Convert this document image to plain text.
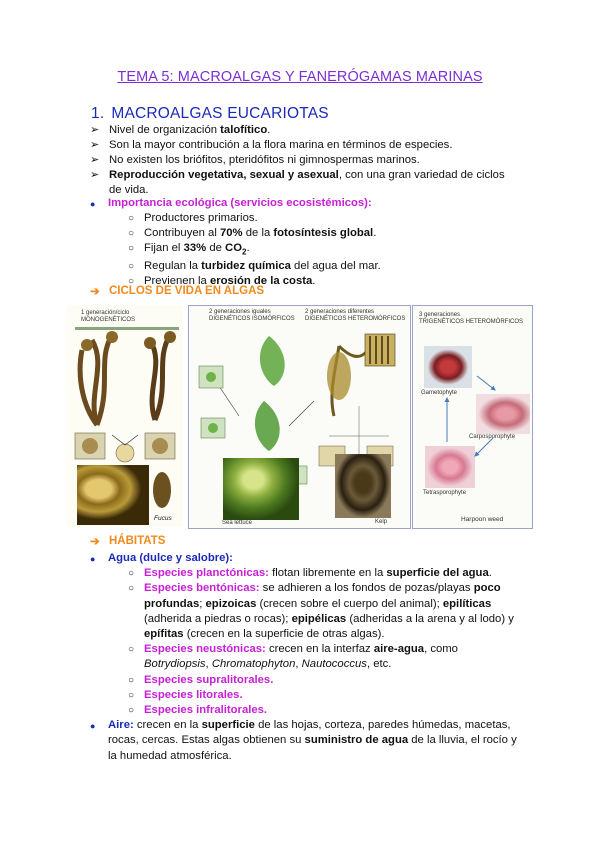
TEMA 5: MACROALGAS Y FANERÓGAMAS MARINAS
1. MACROALGAS EUCARIOTAS
➢ Nivel de organización talofítico.
➢ Son la mayor contribución a la flora marina en términos de especies.
➢ No existen los briófitos, pteridófitos ni gimnospermas marinos.
➢ Reproducción vegetativa, sexual y asexual, con una gran variedad de ciclos de vida.
● Importancia ecológica (servicios ecosistémicos):
○ Productores primarios.
○ Contribuyen al 70% de la fotosíntesis global.
○ Fijan el 33% de $CO_2$.
○ Regulan la turbidez química del agua del mar.
○ Previenen la erosión de la costa.
➔ CICLOS DE VIDA EN ALGAS
1 generación/ciclo
MONOGENÉTICOS
Fucus
2 generaciones iguales
DIGENÉTICOS ISOMÓRFICOS
2 generaciones diferentes
DIGENÉTICOS HETEROMÓRFICOS
Sea lettuce	Kelp
3 generaciones
TRIGENÉTICOS HETEROMÓRFICOS
Gametophyte
Carposporophyte
Tetrasporophyte
Harpoon weed
➔ HÁBITATS
● Agua (dulce y salobre):
○ Especies planctónicas: flotan libremente en la superficie del agua.
○ Especies bentónicas: se adhieren a los fondos de pozas/playas poco profundas; epizoicas (crecen sobre el cuerpo del animal); epilíticas (adherida a piedras o rocas); epipélicas (adheridas a la arena y al lodo) y epífitas (crecen en la superficie de otras algas).
○ Especies neustónicas: crecen en la interfaz aire-agua, como Botrydiopsis, Chromatophyton, Nautococcus, etc.
○ Especies supralitorales.
○ Especies litorales.
○ Especies infralitorales.
● Aire: crecen en la superficie de las hojas, corteza, paredes húmedas, macetas, rocas, cercas. Estas algas obtienen su suministro de agua de la lluvia, el rocío y la humedad atmosférica.
